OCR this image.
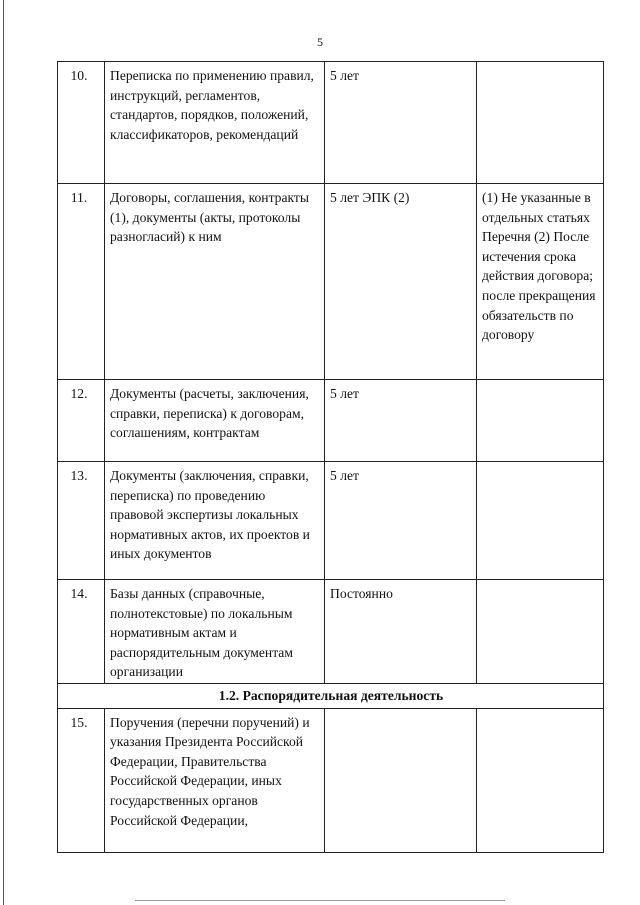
5
10.	Переписка по применению правил, инструкций, регламентов, стандартов, порядков, положений, классификаторов, рекомендаций	5 лет	
11.	Договоры, соглашения, контракты (1), документы (акты, протоколы разногласий) к ним	5 лет ЭПК (2)	(1) Не указанные в отдельных статьях Перечня (2) После истечения срока действия договора; после прекращения обязательств по договору
12.	Документы (расчеты, заключения, справки, переписка) к договорам, соглашениям, контрактам	5 лет	
13.	Документы (заключения, справки, переписка) по проведению правовой экспертизы локальных нормативных актов, их проектов и иных документов	5 лет	
14.	Базы данных (справочные, полнотекстовые) по локальным нормативным актам и распорядительным документам организации	Постоянно	
1.2. Распорядительная деятельность			
15.	Поручения (перечни поручений) и указания Президента Российской Федерации, Правительства Российской Федерации, иных государственных органов Российской Федерации,		
